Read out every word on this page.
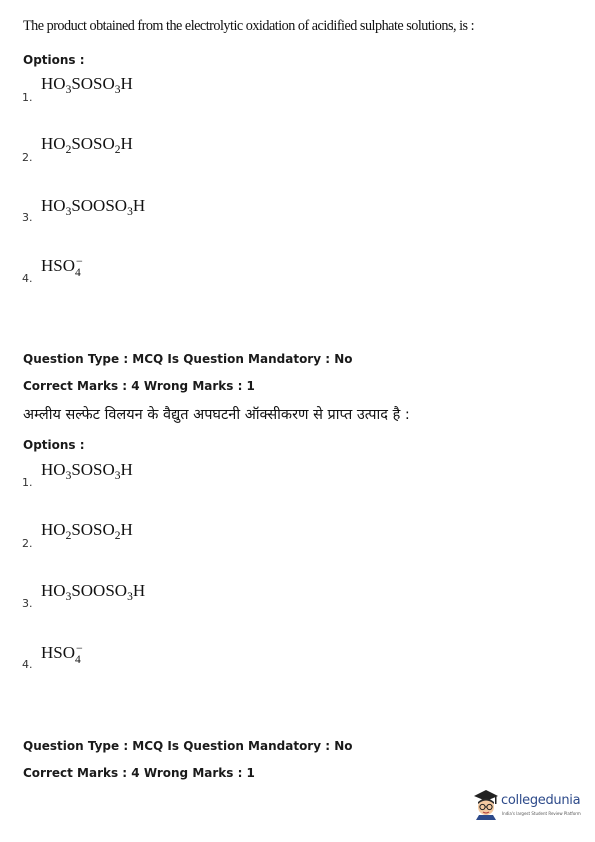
The product obtained from the electrolytic oxidation of acidified sulphate solutions, is :
Options :
1.
$HO_3SOSO_3H$
2.
$HO_2SOSO_2H$
3.
$HO_3SOOSO_3H$
4.
HSO −
$_4$
Question Type : MCQ Is Question Mandatory : No
Correct Marks : 4 Wrong Marks : 1
अम्लीय सल्फेट विलयन के वैद्युत अपघटनी ऑक्सीकरण से प्राप्त उत्पाद है :
Options :
1.
$HO_3SOSO_3H$
2.
$HO_2SOSO_2H$
3.
$HO_3SOOSO_3H$
4.
HSO −
$_4$
Question Type : MCQ Is Question Mandatory : No
Correct Marks : 4 Wrong Marks : 1
collegedunia
India's largest Student Review Platform
